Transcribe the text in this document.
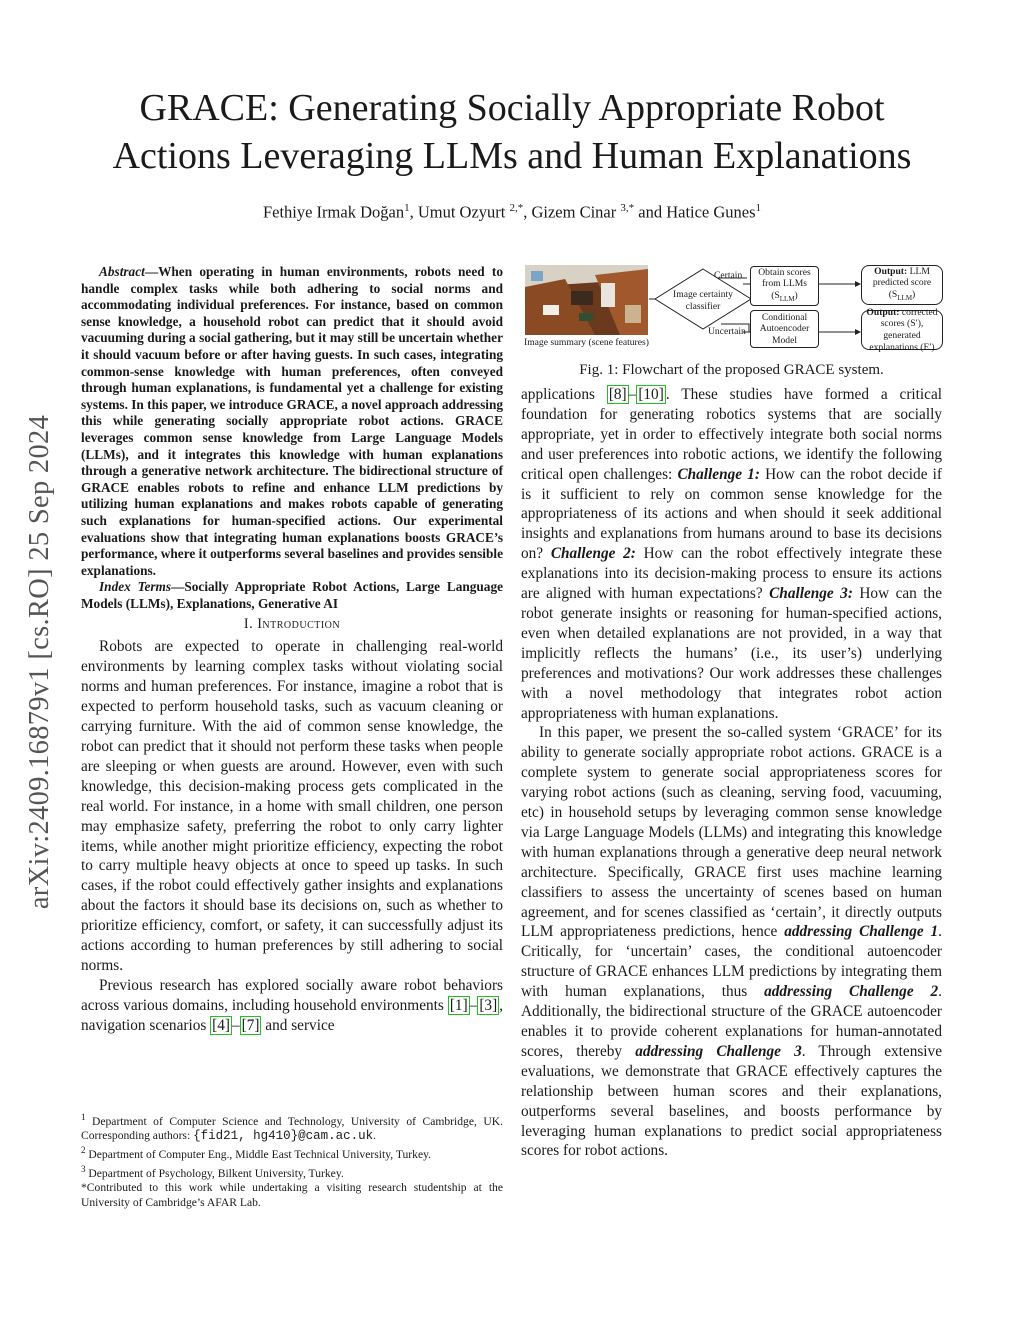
arXiv:2409.16879v1 [cs.RO] 25 Sep 2024
GRACE: Generating Socially Appropriate Robot
Actions Leveraging LLMs and Human Explanations
Fethiye Irmak Doğan$^1$, Umut Ozyurt $^{2,*}$, Gizem Cinar $^{3,*}$ and Hatice Gunes$^1$

Abstract—When operating in human environments, robots need to handle complex tasks while both adhering to social norms and accommodating individual preferences. For instance, based on common sense knowledge, a household robot can predict that it should avoid vacuuming during a social gathering, but it may still be uncertain whether it should vacuum before or after having guests. In such cases, integrating common-sense knowledge with human preferences, often conveyed through human explanations, is fundamental yet a challenge for existing systems. In this paper, we introduce GRACE, a novel approach addressing this while generating socially appropriate robot actions. GRACE leverages common sense knowledge from Large Language Models (LLMs), and it integrates this knowledge with human explanations through a generative network architecture. The bidirectional structure of GRACE enables robots to refine and enhance LLM predictions by utilizing human explanations and makes robots capable of generating such explanations for human-specified actions. Our experimental evaluations show that integrating human explanations boosts GRACE’s performance, where it outperforms several baselines and provides sensible explanations.

Index Terms—Socially Appropriate Robot Actions, Large Language Models (LLMs), Explanations, Generative AI

I. Introduction

Robots are expected to operate in challenging real-world environments by learning complex tasks without violating social norms and human preferences. For instance, imagine a robot that is expected to perform household tasks, such as vacuum cleaning or carrying furniture. With the aid of common sense knowledge, the robot can predict that it should not perform these tasks when people are sleeping or when guests are around. However, even with such knowledge, this decision-making process gets complicated in the real world. For instance, in a home with small children, one person may emphasize safety, preferring the robot to only carry lighter items, while another might prioritize efficiency, expecting the robot to carry multiple heavy objects at once to speed up tasks. In such cases, if the robot could effectively gather insights and explanations about the factors it should base its decisions on, such as whether to prioritize efficiency, comfort, or safety, it can successfully adjust its actions according to human preferences by still adhering to social norms.

Previous research has explored socially aware robot behaviors across various domains, including household environments [1] – [3] , navigation scenarios [4] – [7] and service

$^1$ Department of Computer Science and Technology, University of Cambridge, UK. Corresponding authors: {fid21, hg410}@cam.ac.uk.

$^2$ Department of Computer Eng., Middle East Technical University, Turkey.

$^3$ Department of Psychology, Bilkent University, Turkey.

*Contributed to this work while undertaking a visiting research studentship at the University of Cambridge’s AFAR Lab.

Image summary (scene features)
Image certainty classifier
Certain
Uncertain
Obtain scores
from LLMs
$(S_{LLM})$
Conditional
Autoencoder
Model
Output: LLM
predicted score
$(S_{LLM})$
Output: corrected
scores (S′), generated
explanations (E′)
Fig. 1: Flowchart of the proposed GRACE system.

applications [8] – [10] . These studies have formed a critical foundation for generating robotics systems that are socially appropriate, yet in order to effectively integrate both social norms and user preferences into robotic actions, we identify the following critical open challenges: Challenge 1: How can the robot decide if is it sufficient to rely on common sense knowledge for the appropriateness of its actions and when should it seek additional insights and explanations from humans around to base its decisions on? Challenge 2: How can the robot effectively integrate these explanations into its decision-making process to ensure its actions are aligned with human expectations? Challenge 3: How can the robot generate insights or reasoning for human-specified actions, even when detailed explanations are not provided, in a way that implicitly reflects the humans’ (i.e., its user’s) underlying preferences and motivations? Our work addresses these challenges with a novel methodology that integrates robot action appropriateness with human explanations.

In this paper, we present the so-called system ‘GRACE’ for its ability to generate socially appropriate robot actions. GRACE is a complete system to generate social appropriateness scores for varying robot actions (such as cleaning, serving food, vacuuming, etc) in household setups by leveraging common sense knowledge via Large Language Models (LLMs) and integrating this knowledge with human explanations through a generative deep neural network architecture. Specifically, GRACE first uses machine learning classifiers to assess the uncertainty of scenes based on human agreement, and for scenes classified as ‘certain’, it directly outputs LLM appropriateness predictions, hence addressing Challenge 1. Critically, for ‘uncertain’ cases, the conditional autoencoder structure of GRACE enhances LLM predictions by integrating them with human explanations, thus addressing Challenge 2. Additionally, the bidirectional structure of the GRACE autoencoder enables it to provide coherent explanations for human-annotated scores, thereby addressing Challenge 3. Through extensive evaluations, we demonstrate that GRACE effectively captures the relationship between human scores and their explanations, outperforms several baselines, and boosts performance by leveraging human explanations to predict social appropriateness scores for robot actions.
